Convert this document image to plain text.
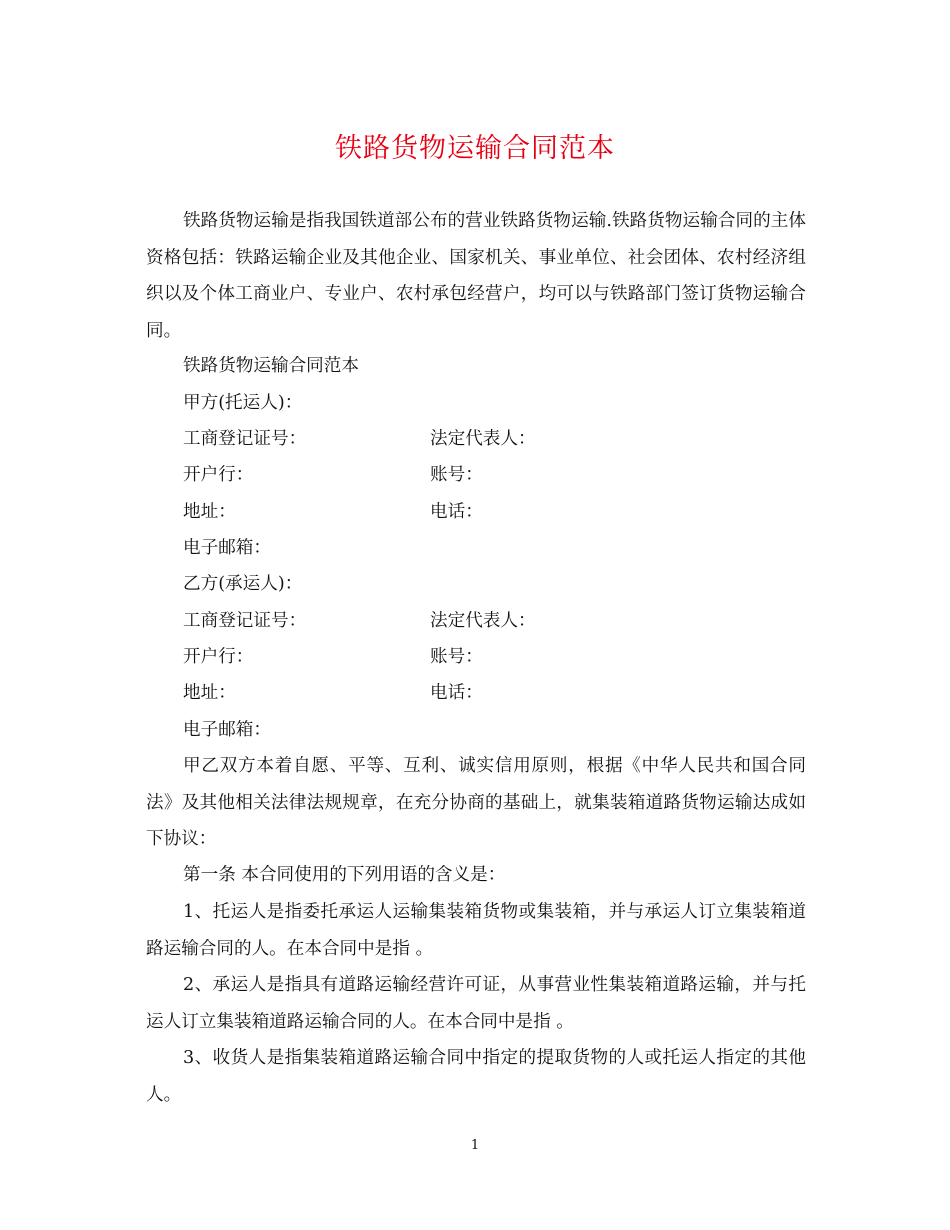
铁路货物运输合同范本

铁路货物运输是指我国铁道部公布的营业铁路货物运输.铁路货物运输合同的主体资格包括：铁路运输企业及其他企业、国家机关、事业单位、社会团体、农村经济组织以及个体工商业户、专业户、农村承包经营户，均可以与铁路部门签订货物运输合同。

铁路货物运输合同范本
甲方(托运人)：
工商登记证号：	法定代表人：
开户行：	账号：
地址：	电话：
电子邮箱：
乙方(承运人)：
工商登记证号：	法定代表人：
开户行：	账号：
地址：	电话：
电子邮箱：

甲乙双方本着自愿、平等、互利、诚实信用原则，根据《中华人民共和国合同法》及其他相关法律法规规章，在充分协商的基础上，就集装箱道路货物运输达成如下协议：

第一条 本合同使用的下列用语的含义是：

1、托运人是指委托承运人运输集装箱货物或集装箱，并与承运人订立集装箱道路运输合同的人。在本合同中是指 。

2、承运人是指具有道路运输经营许可证，从事营业性集装箱道路运输，并与托运人订立集装箱道路运输合同的人。在本合同中是指 。

3、收货人是指集装箱道路运输合同中指定的提取货物的人或托运人指定的其他人。

1
